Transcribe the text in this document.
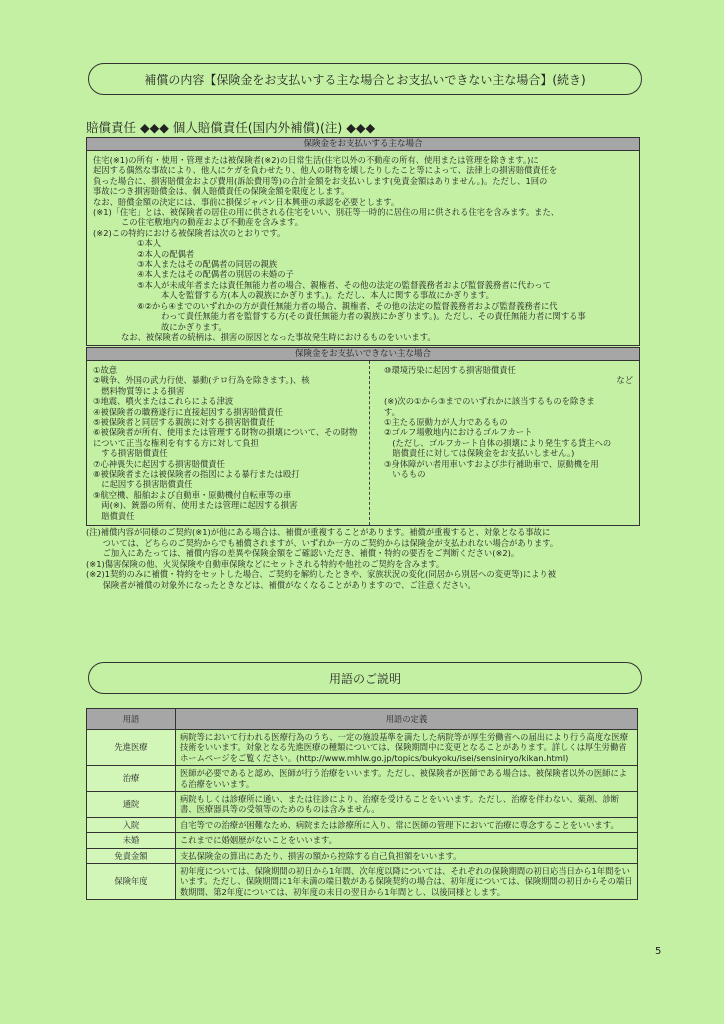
補償の内容【保険金をお支払いする主な場合とお支払いできない主な場合】(続き)
賠償責任 ◆◆◆ 個人賠償責任(国内外補償)(注) ◆◆◆
保険金をお支払いする主な場合
住宅(※1)の所有・使用・管理または被保険者(※2)の日常生活(住宅以外の不動産の所有、使用または管理を除きます。)に
起因する偶然な事故により、他人にケガを負わせたり、他人の財物を壊したりしたこと等によって、法律上の損害賠償責任を
負った場合に、損害賠償金および費用(訴訟費用等)の合計金額をお支払いします(免責金額はありません。)。ただし、1回の
事故につき損害賠償金は、個人賠償責任の保険金額を限度とします。
なお、賠償金額の決定には、事前に損保ジャパン日本興亜の承認を必要とします。
(※1)「住宅」とは、被保険者の居住の用に供される住宅をいい、別荘等一時的に居住の用に供される住宅を含みます。また、
この住宅敷地内の動産および不動産を含みます。
(※2)この特約における被保険者は次のとおりです。
①本人
②本人の配偶者
③本人またはその配偶者の同居の親族
④本人またはその配偶者の別居の未婚の子
⑤本人が未成年者または責任無能力者の場合、親権者、その他の法定の監督義務者および監督義務者に代わって
本人を監督する方(本人の親族にかぎります。)。ただし、本人に関する事故にかぎります。
⑥②から④までのいずれかの方が責任無能力者の場合、親権者、その他の法定の監督義務者および監督義務者に代
わって責任無能力者を監督する方(その責任無能力者の親族にかぎります。)。ただし、その責任無能力者に関する事
故にかぎります。
なお、被保険者の続柄は、損害の原因となった事故発生時におけるものをいいます。
保険金をお支払いできない主な場合
①故意
②戦争、外国の武力行使、暴動(テロ行為を除きます。)、核
　燃料物質等による損害
③地震、噴火またはこれらによる津波
④被保険者の職務遂行に直接起因する損害賠償責任
⑤被保険者と同居する親族に対する損害賠償責任
⑥被保険者が所有、使用または管理する財物の損壊について、その財物について正当な権利を有する方に対して負担
　する損害賠償責任
⑦心神喪失に起因する損害賠償責任
⑧被保険者または被保険者の指図による暴行または殴打
　に起因する損害賠償責任
⑨航空機、船舶および自動車・原動機付自転車等の車
　両(※)、銃器の所有、使用または管理に起因する損害
　賠償責任
⑩環境汚染に起因する損害賠償責任
など
(※)次の①から③までのいずれかに該当するものを除きま
す。
①主たる原動力が人力であるもの
②ゴルフ場敷地内におけるゴルフカート
　(ただし、ゴルフカート自体の損壊により発生する貸主への
　賠償責任に対しては保険金をお支払いしません。)
③身体障がい者用車いすおよび歩行補助車で、原動機を用
　いるもの
(注)補償内容が同様のご契約(※1)が他にある場合は、補償が重複することがあります。補償が重複すると、対象となる事故に
　　ついては、どちらのご契約からでも補償されますが、いずれか一方のご契約からは保険金が支払われない場合があります。
　　ご加入にあたっては、補償内容の差異や保険金額をご確認いただき、補償・特約の要否をご判断ください(※2)。
(※1)傷害保険の他、火災保険や自動車保険などにセットされる特約や他社のご契約を含みます。
(※2)1契約のみに補償・特約をセットした場合、ご契約を解約したときや、家族状況の変化(同居から別居への変更等)により被
　　保険者が補償の対象外になったときなどは、補償がなくなることがありますので、ご注意ください。
用語のご説明
用語	用語の定義
先進医療	病院等において行われる医療行為のうち、一定の施設基準を満たした病院等が厚生労働省への届出により行う高度な医療技術をいいます。対象となる先進医療の種類については、保険期間中に変更となることがあります。詳しくは厚生労働省ホームページをご覧ください。(http://www.mhlw.go.jp/topics/bukyoku/isei/sensiniryo/kikan.html)
治療	医師が必要であると認め、医師が行う治療をいいます。ただし、被保険者が医師である場合は、被保険者以外の医師による治療をいいます。
通院	病院もしくは診療所に通い、または往診により、治療を受けることをいいます。ただし、治療を伴わない、薬剤、診断書、医療器具等の受領等のためのものは含みません。
入院	自宅等での治療が困難なため、病院または診療所に入り、常に医師の管理下において治療に専念することをいいます。
未婚	これまでに婚姻歴がないことをいいます。
免責金額	支払保険金の算出にあたり、損害の額から控除する自己負担額をいいます。
保険年度	初年度については、保険期間の初日から1年間、次年度以降については、それぞれの保険期間の初日応当日から1年間をいいます。ただし、保険期間に1年未満の端日数がある保険契約の場合は、初年度については、保険期間の初日からその端日数期間、第2年度については、初年度の末日の翌日から1年間とし、以後同様とします。
5
